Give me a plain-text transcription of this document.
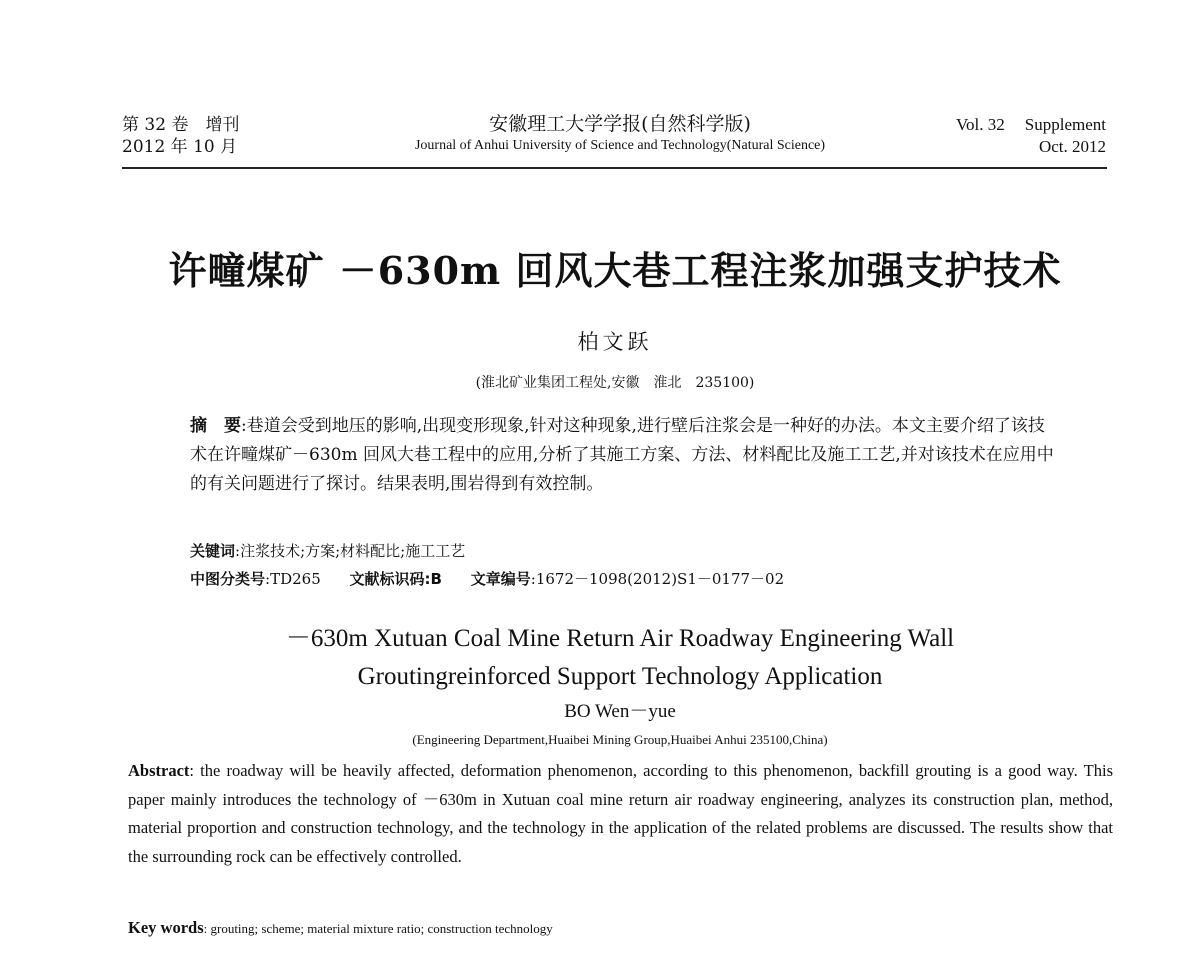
第 32 卷　增刊
2012 年 10 月
安徽理工大学学报(自然科学版)
Journal of Anhui University of Science and Technology(Natural Science)
Vol. 32 Supplement
Oct. 2012
许疃煤矿 －630m 回风大巷工程注浆加强支护技术
柏文跃
(淮北矿业集团工程处,安徽　淮北　235100)
摘　要:巷道会受到地压的影响,出现变形现象,针对这种现象,进行壁后注浆会是一种好的办法。本文主要介绍了该技术在许疃煤矿－630m 回风大巷工程中的应用,分析了其施工方案、方法、材料配比及施工工艺,并对该技术在应用中的有关问题进行了探讨。结果表明,围岩得到有效控制。
关键词:注浆技术;方案;材料配比;施工工艺
中图分类号:TD265 文献标识码:B 文章编号:1672－1098(2012)S1－0177－02
－630m Xutuan Coal Mine Return Air Roadway Engineering Wall
Groutingreinforced Support Technology Application
BO Wen－yue
(Engineering Department,Huaibei Mining Group,Huaibei Anhui 235100,China)
Abstract: the roadway will be heavily affected, deformation phenomenon, according to this phenomenon, backfill grouting is a good way. This paper mainly introduces the technology of －630m in Xutuan coal mine return air roadway engineering, analyzes its construction plan, method, material proportion and construction technology, and the technology in the application of the related problems are discussed. The results show that the surrounding rock can be effectively controlled.
Key words: grouting; scheme; material mixture ratio; construction technology
